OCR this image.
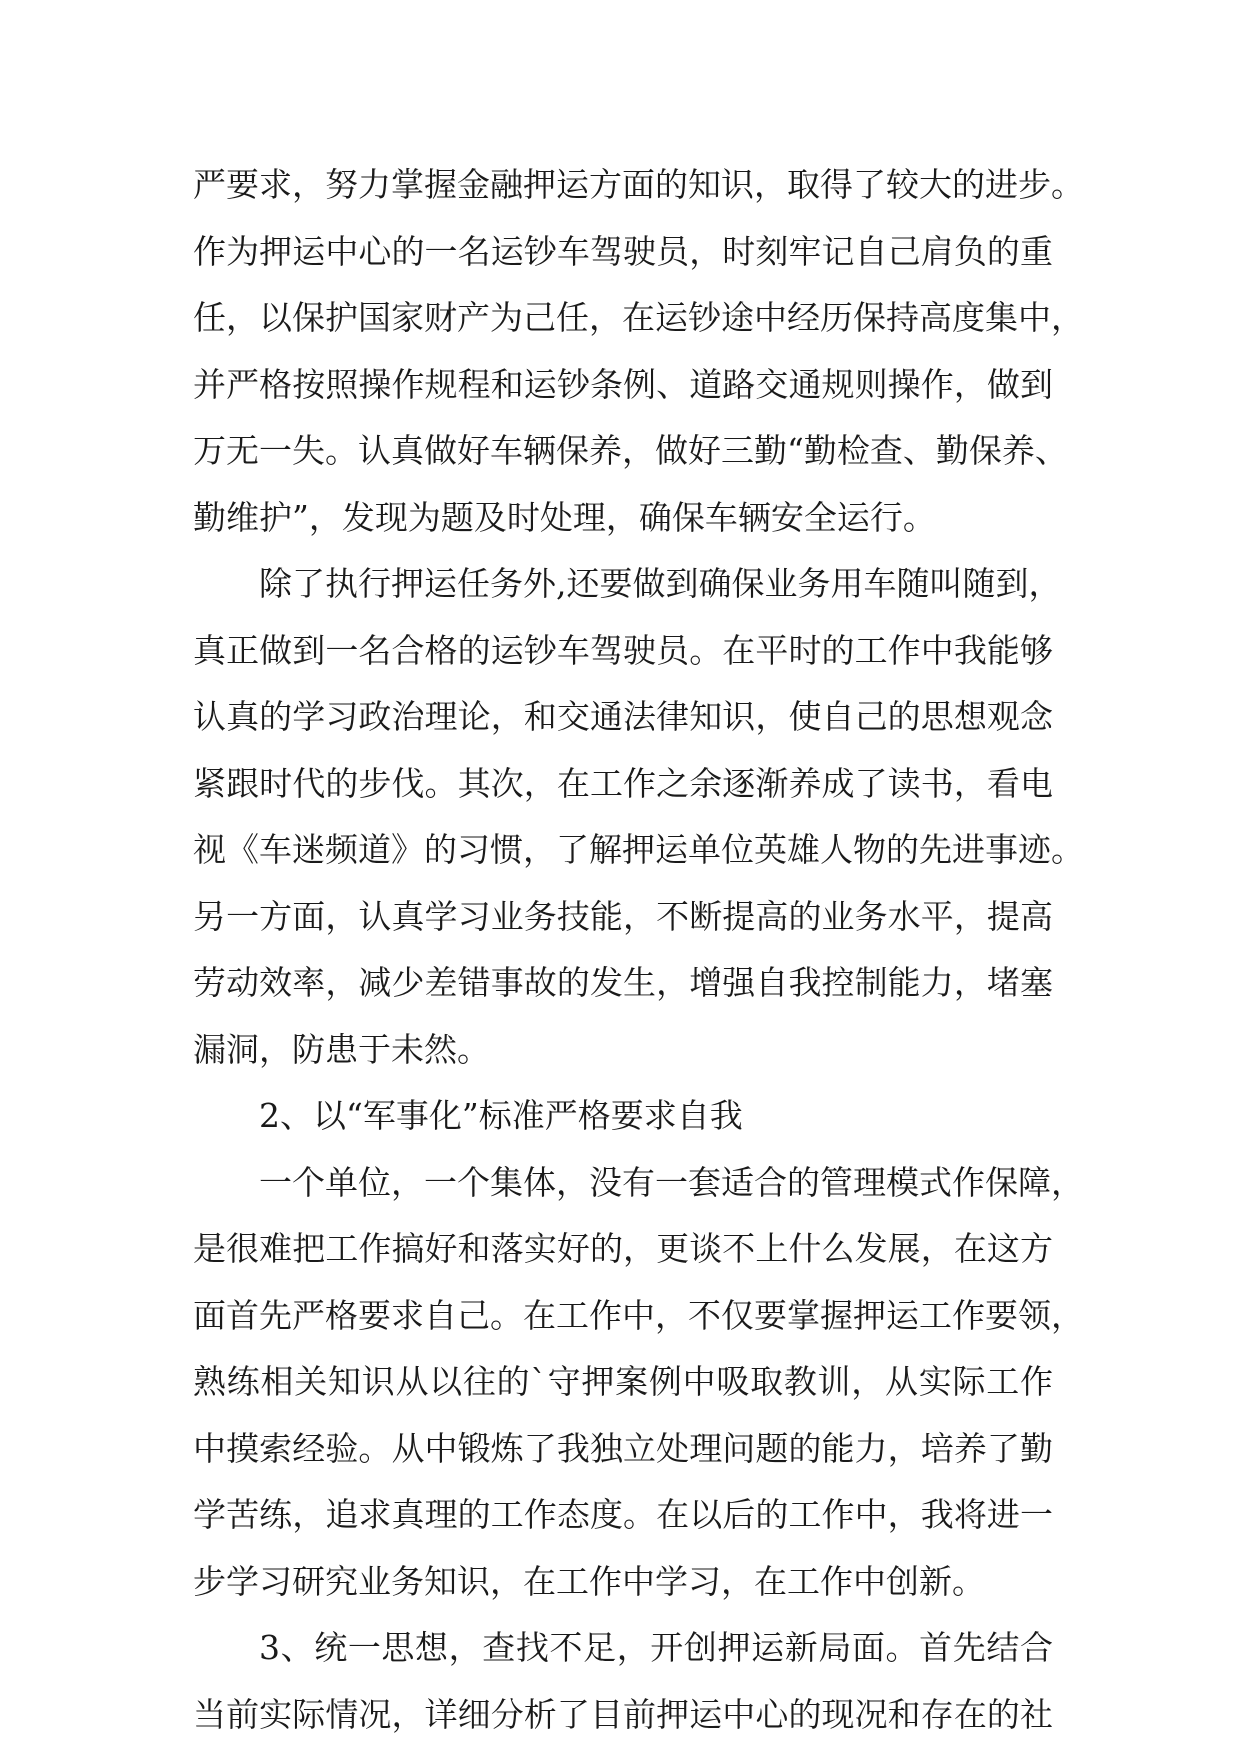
严要求，努力掌握金融押运方面的知识，取得了较大的进步。
作为押运中心的一名运钞车驾驶员，时刻牢记自己肩负的重
任，以保护国家财产为己任，在运钞途中经历保持高度集中，
并严格按照操作规程和运钞条例、道路交通规则操作，做到
万无一失。认真做好车辆保养，做好三勤“勤检查、勤保养、
勤维护”，发现为题及时处理，确保车辆安全运行。
除了执行押运任务外,还要做到确保业务用车随叫随到，
真正做到一名合格的运钞车驾驶员。在平时的工作中我能够
认真的学习政治理论，和交通法律知识，使自己的思想观念
紧跟时代的步伐。其次，在工作之余逐渐养成了读书，看电
视《车迷频道》的习惯，了解押运单位英雄人物的先进事迹。
另一方面，认真学习业务技能，不断提高的业务水平，提高
劳动效率，减少差错事故的发生，增强自我控制能力，堵塞
漏洞，防患于未然。
2、以“军事化”标准严格要求自我
一个单位，一个集体，没有一套适合的管理模式作保障，
是很难把工作搞好和落实好的，更谈不上什么发展，在这方
面首先严格要求自己。在工作中，不仅要掌握押运工作要领，
熟练相关知识从以往的`守押案例中吸取教训，从实际工作
中摸索经验。从中锻炼了我独立处理问题的能力，培养了勤
学苦练，追求真理的工作态度。在以后的工作中，我将进一
步学习研究业务知识，在工作中学习，在工作中创新。
3、统一思想，查找不足，开创押运新局面。首先结合
当前实际情况，详细分析了目前押运中心的现况和存在的社
